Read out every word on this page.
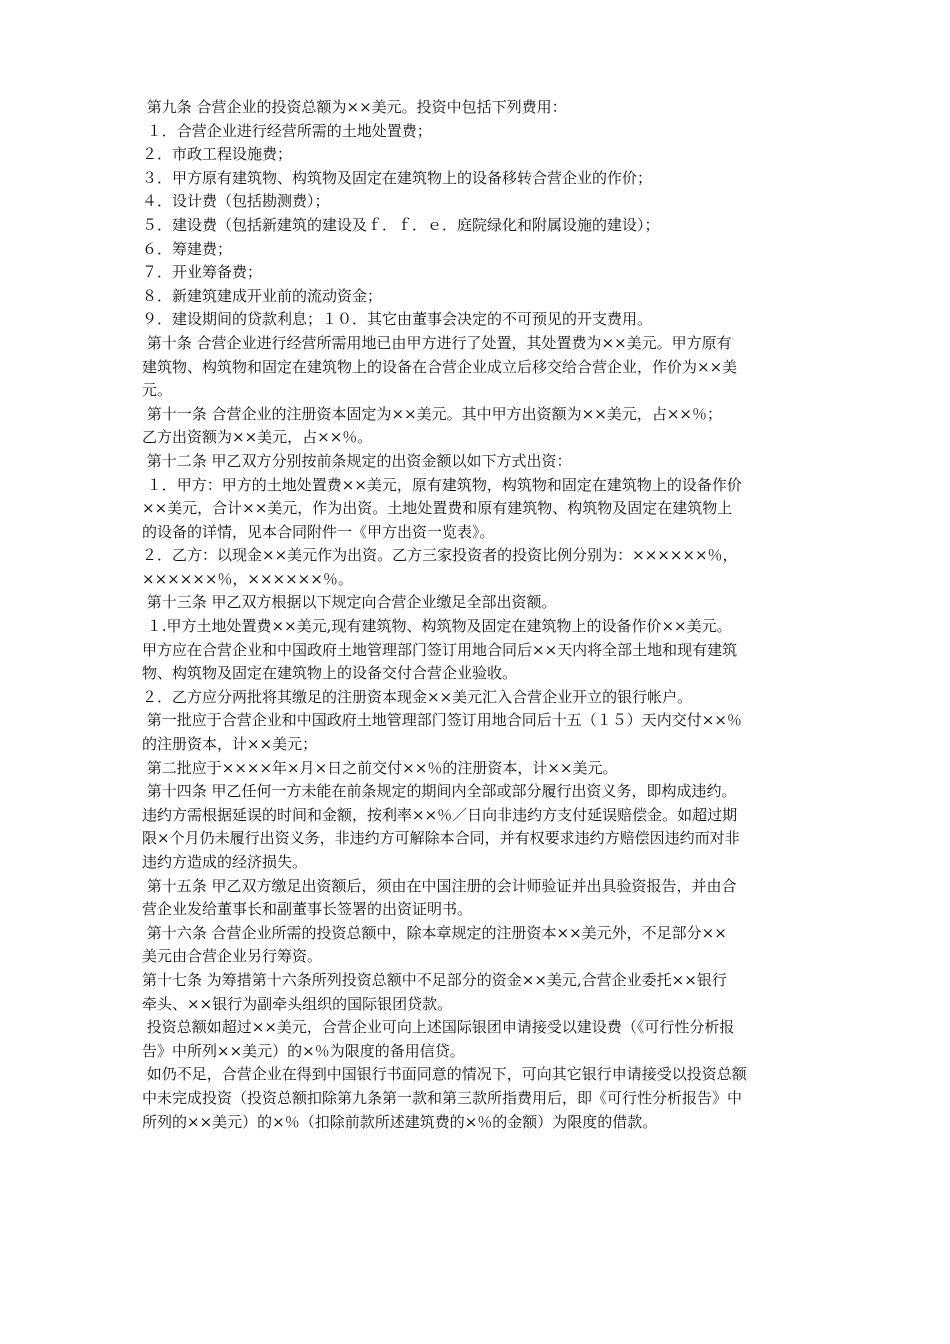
第九条 合营企业的投资总额为××美元。投资中包括下列费用：
１．合营企业进行经营所需的土地处置费；
２．市政工程设施费；
３．甲方原有建筑物、构筑物及固定在建筑物上的设备移转合营企业的作价；
４．设计费（包括勘测费）；
５．建设费（包括新建筑的建设及ｆ．ｆ．ｅ．庭院绿化和附属设施的建设）；
６．筹建费；
７．开业筹备费；
８．新建筑建成开业前的流动资金；
９．建设期间的贷款利息；１０．其它由董事会决定的不可预见的开支费用。
第十条 合营企业进行经营所需用地已由甲方进行了处置，其处置费为××美元。甲方原有
建筑物、构筑物和固定在建筑物上的设备在合营企业成立后移交给合营企业，作价为××美
元。
第十一条 合营企业的注册资本固定为××美元。其中甲方出资额为××美元，占××％；
乙方出资额为××美元，占××％。
第十二条 甲乙双方分别按前条规定的出资金额以如下方式出资：
１．甲方：甲方的土地处置费××美元，原有建筑物，构筑物和固定在建筑物上的设备作价
××美元，合计××美元，作为出资。土地处置费和原有建筑物、构筑物及固定在建筑物上
的设备的详情，见本合同附件一《甲方出资一览表》。
２．乙方：以现金××美元作为出资。乙方三家投资者的投资比例分别为：××××××％，
××××××％，××××××％。
第十三条 甲乙双方根据以下规定向合营企业缴足全部出资额。
１.甲方土地处置费××美元,现有建筑物、构筑物及固定在建筑物上的设备作价××美元。
甲方应在合营企业和中国政府土地管理部门签订用地合同后××天内将全部土地和现有建筑
物、构筑物及固定在建筑物上的设备交付合营企业验收。
２．乙方应分两批将其缴足的注册资本现金××美元汇入合营企业开立的银行帐户。
第一批应于合营企业和中国政府土地管理部门签订用地合同后十五（１５）天内交付××％
的注册资本，计××美元；
第二批应于××××年×月×日之前交付××％的注册资本，计××美元。
第十四条 甲乙任何一方未能在前条规定的期间内全部或部分履行出资义务，即构成违约。
违约方需根据延误的时间和金额，按利率××％／日向非违约方支付延误赔偿金。如超过期
限×个月仍未履行出资义务，非违约方可解除本合同，并有权要求违约方赔偿因违约而对非
违约方造成的经济损失。
第十五条 甲乙双方缴足出资额后，须由在中国注册的会计师验证并出具验资报告，并由合
营企业发给董事长和副董事长签署的出资证明书。
第十六条 合营企业所需的投资总额中，除本章规定的注册资本××美元外，不足部分××
美元由合营企业另行筹资。
第十七条 为筹措第十六条所列投资总额中不足部分的资金××美元,合营企业委托××银行
牵头、××银行为副牵头组织的国际银团贷款。
投资总额如超过××美元，合营企业可向上述国际银团申请接受以建设费（《可行性分析报
告》中所列××美元）的×％为限度的备用信贷。
如仍不足，合营企业在得到中国银行书面同意的情况下，可向其它银行申请接受以投资总额
中未完成投资（投资总额扣除第九条第一款和第三款所指费用后，即《可行性分析报告》中
所列的××美元）的×％（扣除前款所述建筑费的×％的金额）为限度的借款。
